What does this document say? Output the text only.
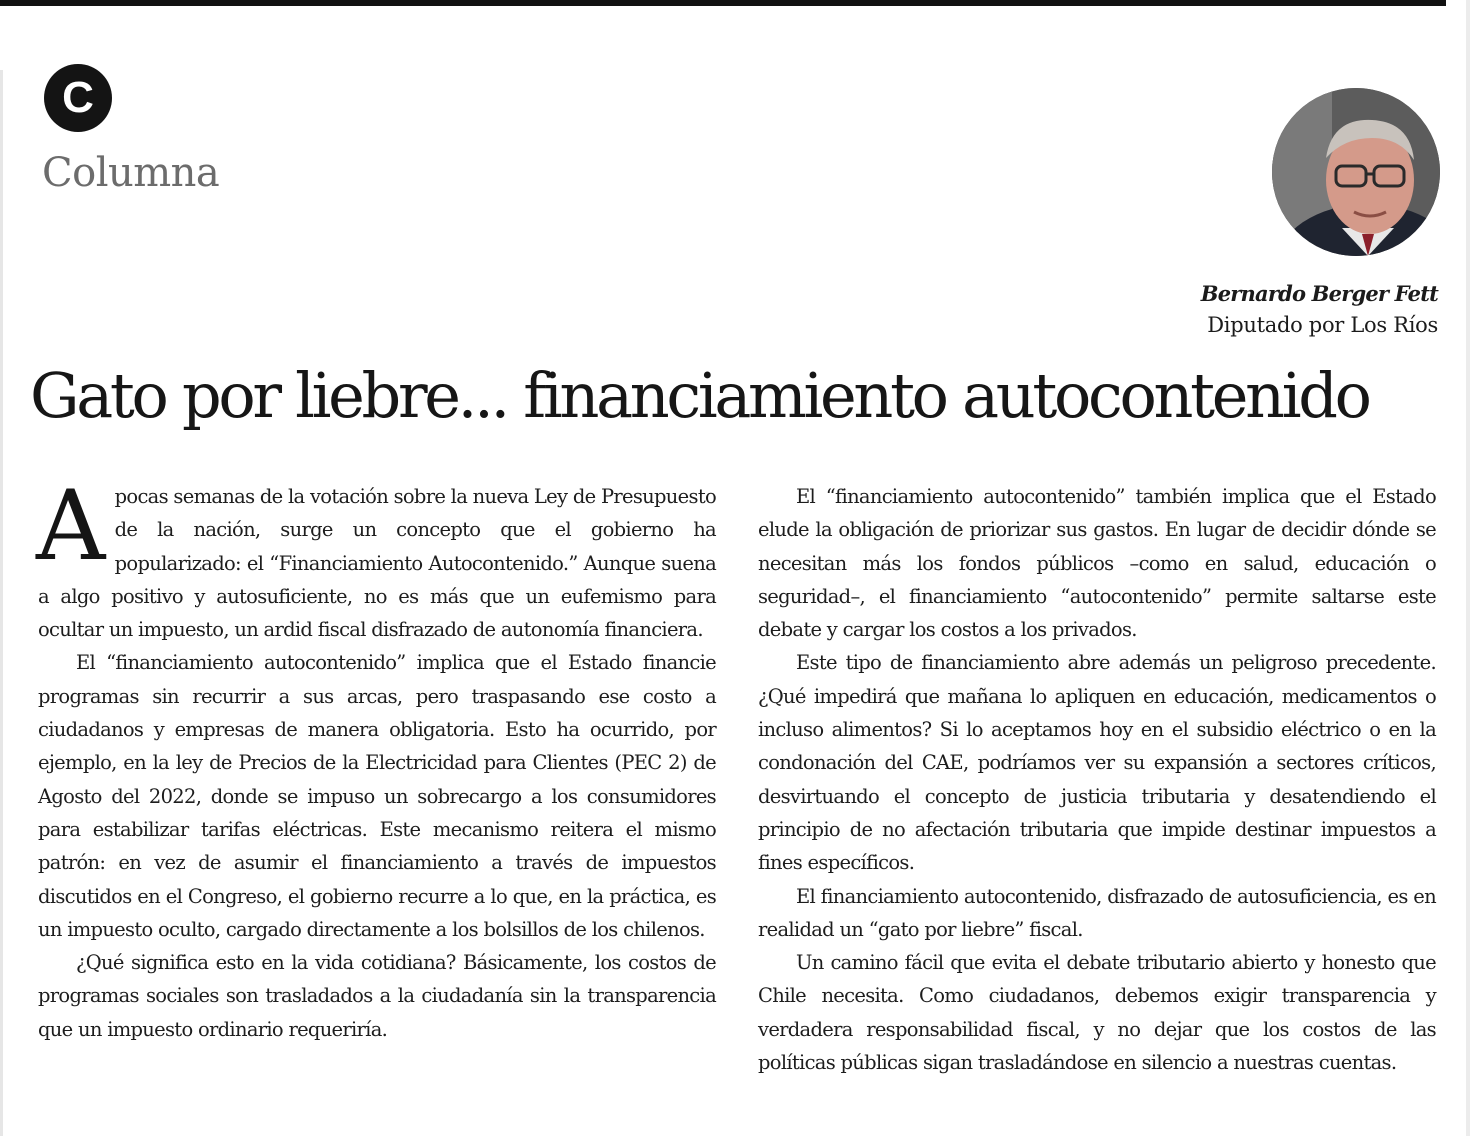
C
Columna
Bernardo Berger Fett
Diputado por Los Ríos
Gato por liebre... financiamiento autocontenido

Apocas semanas de la votación sobre la nueva Ley de Presupuesto de la nación, surge un concepto que el gobierno ha popularizado: el “Financiamiento Autocontenido.” Aunque suena a algo positivo y autosuficiente, no es más que un eufemismo para ocultar un impuesto, un ardid fiscal disfrazado de autonomía financiera.

El “financiamiento autocontenido” implica que el Estado financie programas sin recurrir a sus arcas, pero traspasando ese costo a ciudadanos y empresas de manera obligatoria. Esto ha ocurrido, por ejemplo, en la ley de Precios de la Electricidad para Clientes (PEC 2) de Agosto del 2022, donde se impuso un sobrecargo a los consumidores para estabilizar tarifas eléctricas. Este mecanismo reitera el mismo patrón: en vez de asumir el financiamiento a través de impuestos discutidos en el Congreso, el gobierno recurre a lo que, en la práctica, es un impuesto oculto, cargado directamente a los bolsillos de los chilenos.

¿Qué significa esto en la vida cotidiana? Básicamente, los costos de programas sociales son trasladados a la ciudadanía sin la transparencia que un impuesto ordinario requeriría.

El “financiamiento autocontenido” también implica que el Estado elude la obligación de priorizar sus gastos. En lugar de decidir dónde se necesitan más los fondos públicos –como en salud, educación o seguridad–, el financiamiento “autocontenido” permite saltarse este debate y cargar los costos a los privados.

Este tipo de financiamiento abre además un peligroso precedente. ¿Qué impedirá que mañana lo apliquen en educación, medicamentos o incluso alimentos? Si lo aceptamos hoy en el subsidio eléctrico o en la condonación del CAE, podríamos ver su expansión a sectores críticos, desvirtuando el concepto de justicia tributaria y desatendiendo el principio de no afectación tributaria que impide destinar impuestos a fines específicos.

El financiamiento autocontenido, disfrazado de autosuficiencia, es en realidad un “gato por liebre” fiscal.

Un camino fácil que evita el debate tributario abierto y honesto que Chile necesita. Como ciudadanos, debemos exigir transparencia y verdadera responsabilidad fiscal, y no dejar que los costos de las políticas públicas sigan trasladándose en silencio a nuestras cuentas.
